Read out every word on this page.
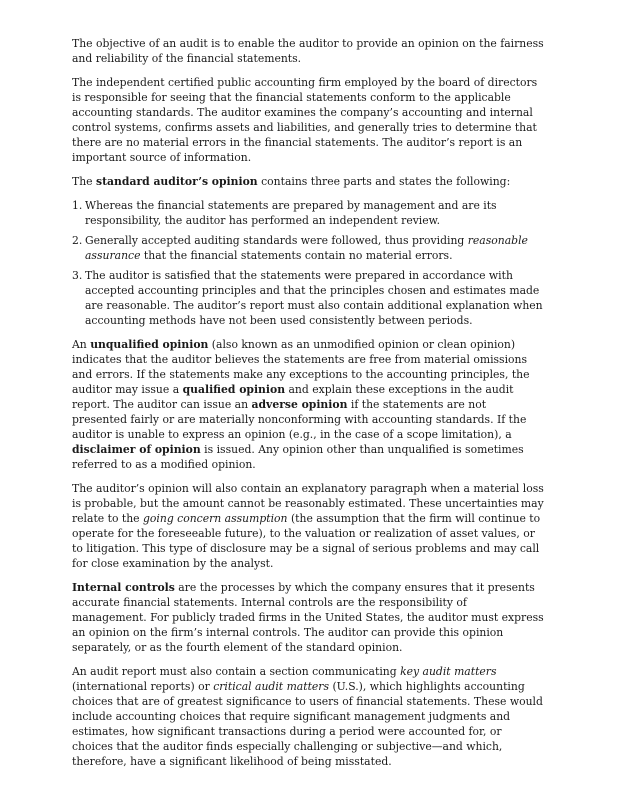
The objective of an audit is to enable the auditor to provide an opinion on the fairness and reliability of the financial statements.

The independent certified public accounting firm employed by the board of directors is responsible for seeing that the financial statements conform to the applicable accounting standards. The auditor examines the company’s accounting and internal control systems, confirms assets and liabilities, and generally tries to determine that there are no material errors in the financial statements. The auditor’s report is an important source of information.

The standard auditor’s opinion contains three parts and states the following:

1. Whereas the financial statements are prepared by management and are its responsibility, the auditor has performed an independent review.
2. Generally accepted auditing standards were followed, thus providing reasonable assurance that the financial statements contain no material errors.
3. The auditor is satisfied that the statements were prepared in accordance with accepted accounting principles and that the principles chosen and estimates made are reasonable. The auditor’s report must also contain additional explanation when accounting methods have not been used consistently between periods.

An unqualified opinion (also known as an unmodified opinion or clean opinion) indicates that the auditor believes the statements are free from material omissions and errors. If the statements make any exceptions to the accounting principles, the auditor may issue a qualified opinion and explain these exceptions in the audit report. The auditor can issue an adverse opinion if the statements are not presented fairly or are materially nonconforming with accounting standards. If the auditor is unable to express an opinion (e.g., in the case of a scope limitation), a disclaimer of opinion is issued. Any opinion other than unqualified is sometimes referred to as a modified opinion.

The auditor’s opinion will also contain an explanatory paragraph when a material loss is probable, but the amount cannot be reasonably estimated. These uncertainties may relate to the going concern assumption (the assumption that the firm will continue to operate for the foreseeable future), to the valuation or realization of asset values, or to litigation. This type of disclosure may be a signal of serious problems and may call for close examination by the analyst.

Internal controls are the processes by which the company ensures that it presents accurate financial statements. Internal controls are the responsibility of management. For publicly traded firms in the United States, the auditor must express an opinion on the firm’s internal controls. The auditor can provide this opinion separately, or as the fourth element of the standard opinion.

An audit report must also contain a section communicating key audit matters (international reports) or critical audit matters (U.S.), which highlights accounting choices that are of greatest significance to users of financial statements. These would include accounting choices that require significant management judgments and estimates, how significant transactions during a period were accounted for, or choices that the auditor finds especially challenging or subjective—and which, therefore, have a significant likelihood of being misstated.
